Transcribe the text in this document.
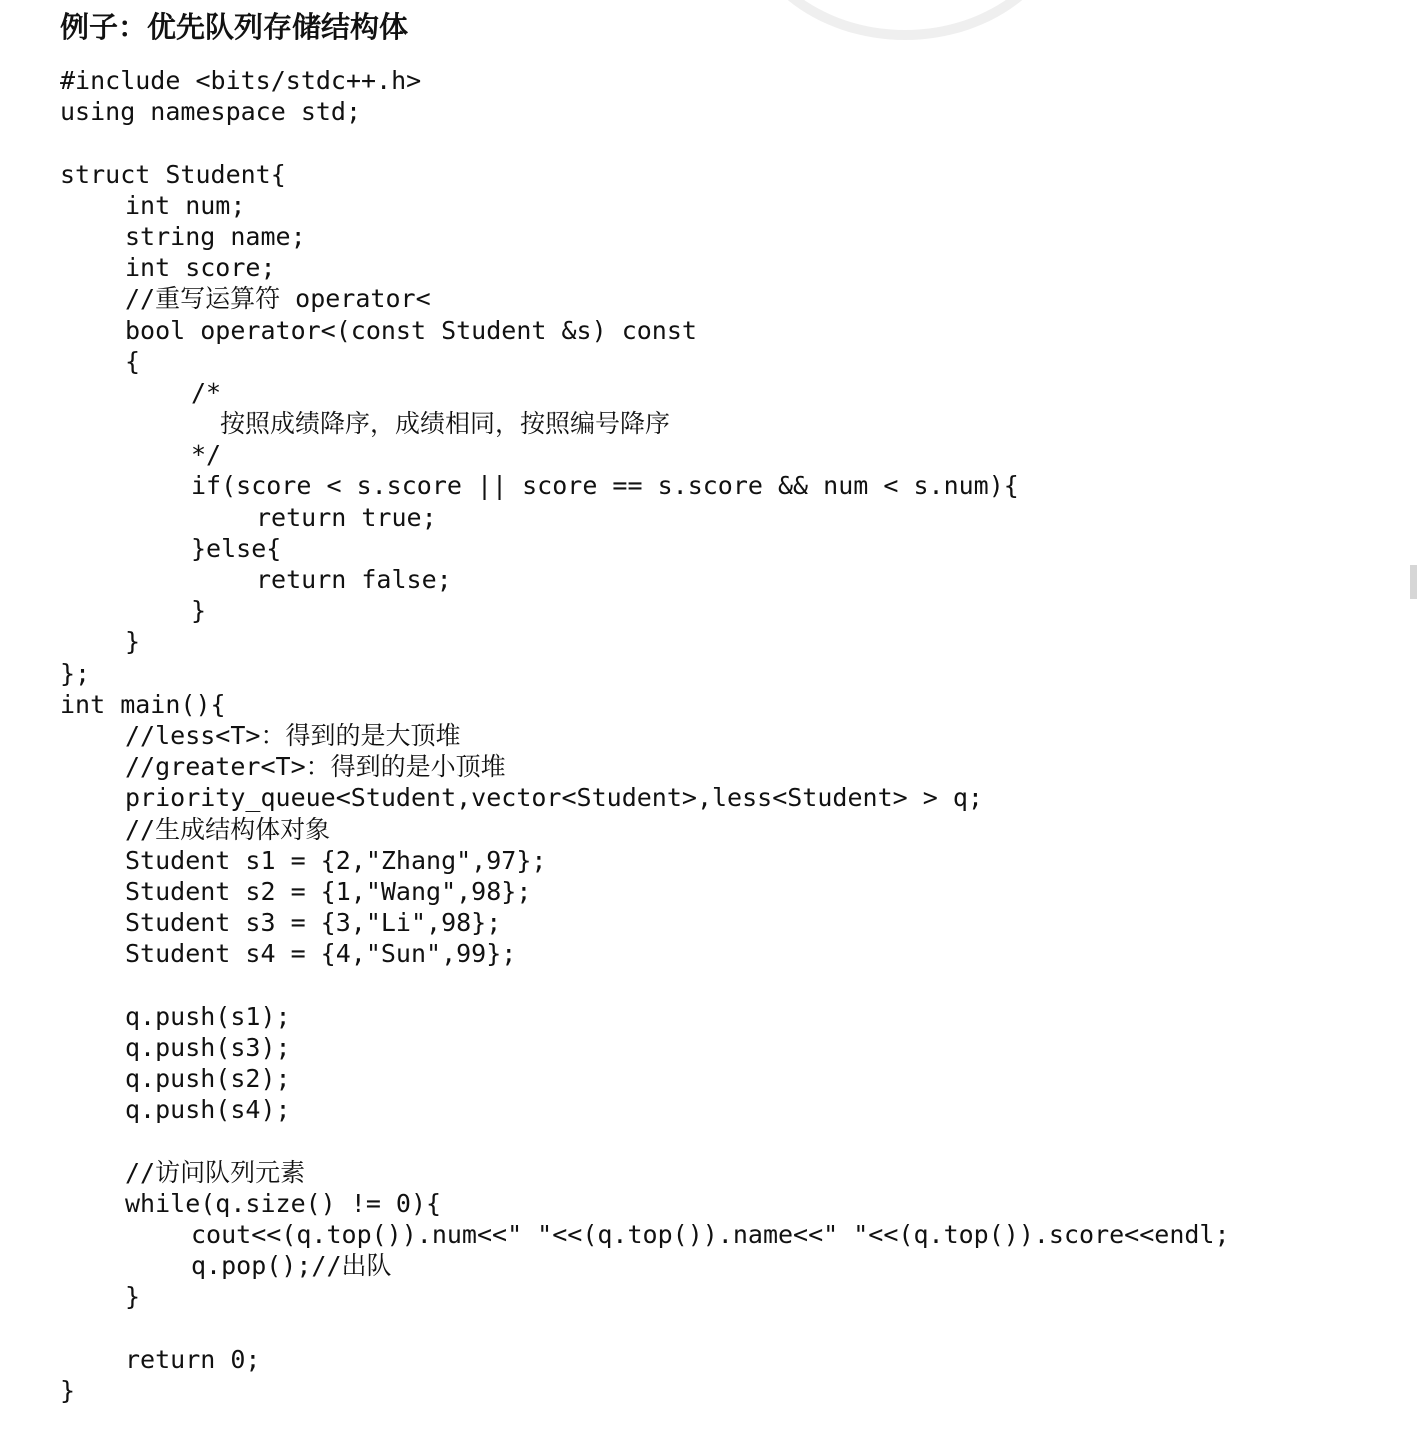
例子：优先队列存储结构体
#include <bits/stdc++.h>
using namespace std;
struct Student{
int num;
string name;
int score;
//重写运算符 operator<
bool operator<(const Student &s) const
{
/*
按照成绩降序，成绩相同，按照编号降序
*/
if(score < s.score || score == s.score && num < s.num){
return true;
}else{
return false;
}
}
};
int main(){
//less<T>：得到的是大顶堆
//greater<T>：得到的是小顶堆
priority_queue<Student,vector<Student>,less<Student> > q;
//生成结构体对象
Student s1 = {2,"Zhang",97};
Student s2 = {1,"Wang",98};
Student s3 = {3,"Li",98};
Student s4 = {4,"Sun",99};
q.push(s1);
q.push(s3);
q.push(s2);
q.push(s4);
//访问队列元素
while(q.size() != 0){
cout<<(q.top()).num<<" "<<(q.top()).name<<" "<<(q.top()).score<<endl;
q.pop();//出队
}
return 0;
}
